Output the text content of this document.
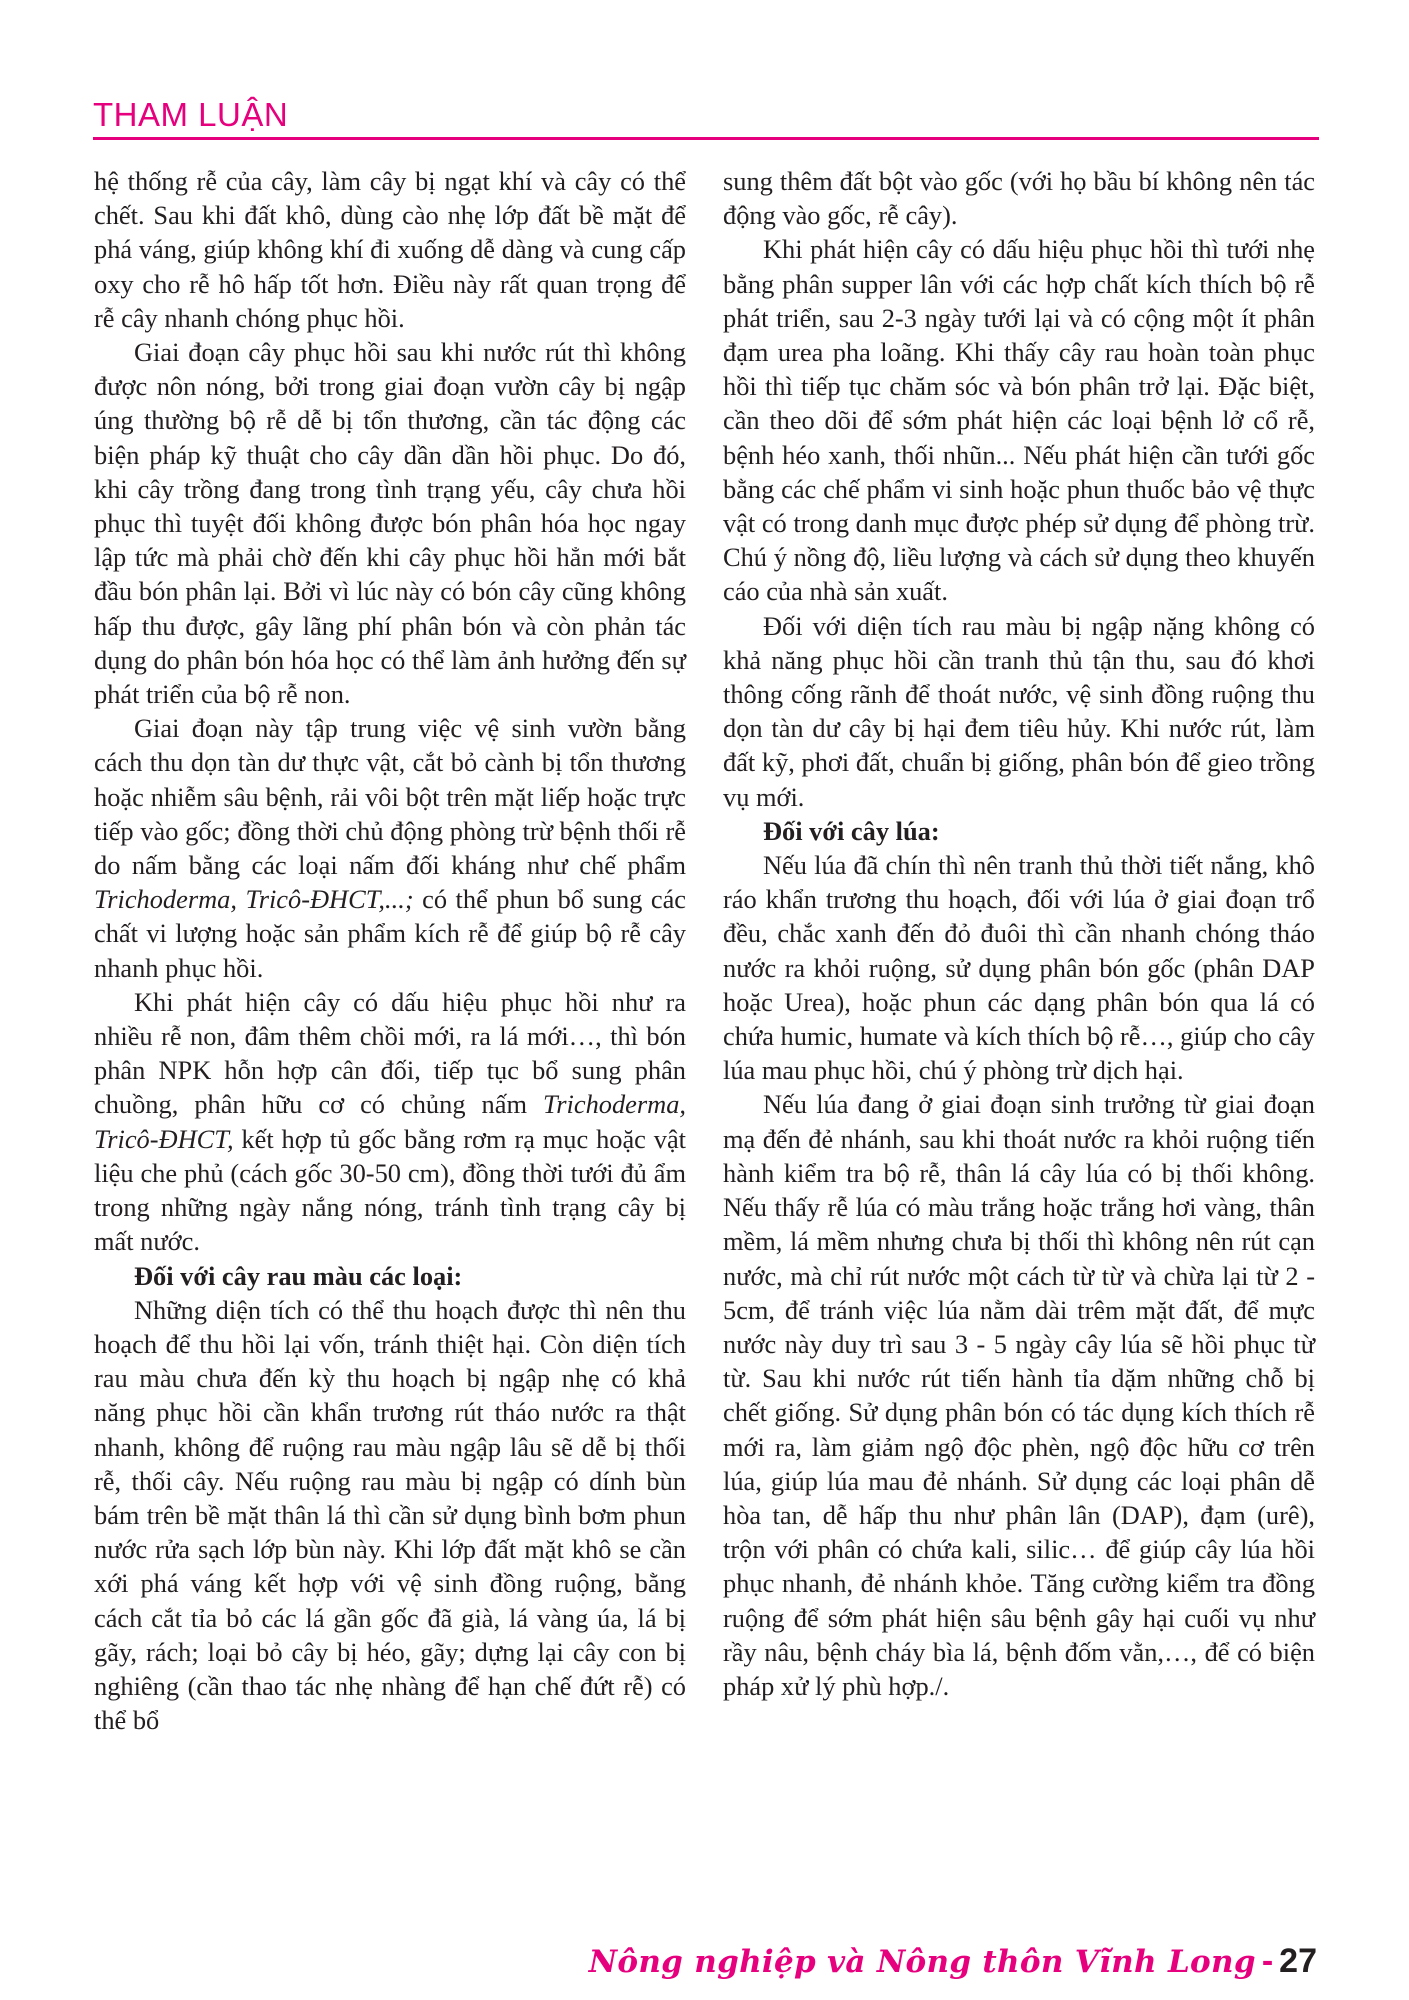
THAM LUẬN

hệ thống rễ của cây, làm cây bị ngạt khí và cây có thể chết. Sau khi đất khô, dùng cào nhẹ lớp đất bề mặt để phá váng, giúp không khí đi xuống dễ dàng và cung cấp oxy cho rễ hô hấp tốt hơn. Điều này rất quan trọng để rễ cây nhanh chóng phục hồi.

Giai đoạn cây phục hồi sau khi nước rút thì không được nôn nóng, bởi trong giai đoạn vườn cây bị ngập úng thường bộ rễ dễ bị tổn thương, cần tác động các biện pháp kỹ thuật cho cây dần dần hồi phục. Do đó, khi cây trồng đang trong tình trạng yếu, cây chưa hồi phục thì tuyệt đối không được bón phân hóa học ngay lập tức mà phải chờ đến khi cây phục hồi hẳn mới bắt đầu bón phân lại. Bởi vì lúc này có bón cây cũng không hấp thu được, gây lãng phí phân bón và còn phản tác dụng do phân bón hóa học có thể làm ảnh hưởng đến sự phát triển của bộ rễ non.

Giai đoạn này tập trung việc vệ sinh vườn bằng cách thu dọn tàn dư thực vật, cắt bỏ cành bị tổn thương hoặc nhiễm sâu bệnh, rải vôi bột trên mặt liếp hoặc trực tiếp vào gốc; đồng thời chủ động phòng trừ bệnh thối rễ do nấm bằng các loại nấm đối kháng như chế phẩm Trichoderma, Tricô-ĐHCT,...; có thể phun bổ sung các chất vi lượng hoặc sản phẩm kích rễ để giúp bộ rễ cây nhanh phục hồi.

Khi phát hiện cây có dấu hiệu phục hồi như ra nhiều rễ non, đâm thêm chồi mới, ra lá mới…, thì bón phân NPK hỗn hợp cân đối, tiếp tục bổ sung phân chuồng, phân hữu cơ có chủng nấm Trichoderma, Tricô-ĐHCT, kết hợp tủ gốc bằng rơm rạ mục hoặc vật liệu che phủ (cách gốc 30-50 cm), đồng thời tưới đủ ẩm trong những ngày nắng nóng, tránh tình trạng cây bị mất nước.

Đối với cây rau màu các loại:

Những diện tích có thể thu hoạch được thì nên thu hoạch để thu hồi lại vốn, tránh thiệt hại. Còn diện tích rau màu chưa đến kỳ thu hoạch bị ngập nhẹ có khả năng phục hồi cần khẩn trương rút tháo nước ra thật nhanh, không để ruộng rau màu ngập lâu sẽ dễ bị thối rễ, thối cây. Nếu ruộng rau màu bị ngập có dính bùn bám trên bề mặt thân lá thì cần sử dụng bình bơm phun nước rửa sạch lớp bùn này. Khi lớp đất mặt khô se cần xới phá váng kết hợp với vệ sinh đồng ruộng, bằng cách cắt tỉa bỏ các lá gần gốc đã già, lá vàng úa, lá bị gãy, rách; loại bỏ cây bị héo, gãy; dựng lại cây con bị nghiêng (cần thao tác nhẹ nhàng để hạn chế đứt rễ) có thể bổ

sung thêm đất bột vào gốc (với họ bầu bí không nên tác động vào gốc, rễ cây).

Khi phát hiện cây có dấu hiệu phục hồi thì tưới nhẹ bằng phân supper lân với các hợp chất kích thích bộ rễ phát triển, sau 2-3 ngày tưới lại và có cộng một ít phân đạm urea pha loãng. Khi thấy cây rau hoàn toàn phục hồi thì tiếp tục chăm sóc và bón phân trở lại. Đặc biệt, cần theo dõi để sớm phát hiện các loại bệnh lở cổ rễ, bệnh héo xanh, thối nhũn... Nếu phát hiện cần tưới gốc bằng các chế phẩm vi sinh hoặc phun thuốc bảo vệ thực vật có trong danh mục được phép sử dụng để phòng trừ. Chú ý nồng độ, liều lượng và cách sử dụng theo khuyến cáo của nhà sản xuất.

Đối với diện tích rau màu bị ngập nặng không có khả năng phục hồi cần tranh thủ tận thu, sau đó khơi thông cống rãnh để thoát nước, vệ sinh đồng ruộng thu dọn tàn dư cây bị hại đem tiêu hủy. Khi nước rút, làm đất kỹ, phơi đất, chuẩn bị giống, phân bón để gieo trồng vụ mới.

Đối với cây lúa:

Nếu lúa đã chín thì nên tranh thủ thời tiết nắng, khô ráo khẩn trương thu hoạch, đối với lúa ở giai đoạn trổ đều, chắc xanh đến đỏ đuôi thì cần nhanh chóng tháo nước ra khỏi ruộng, sử dụng phân bón gốc (phân DAP hoặc Urea), hoặc phun các dạng phân bón qua lá có chứa humic, humate và kích thích bộ rễ…, giúp cho cây lúa mau phục hồi, chú ý phòng trừ dịch hại.

Nếu lúa đang ở giai đoạn sinh trưởng từ giai đoạn mạ đến đẻ nhánh, sau khi thoát nước ra khỏi ruộng tiến hành kiểm tra bộ rễ, thân lá cây lúa có bị thối không. Nếu thấy rễ lúa có màu trắng hoặc trắng hơi vàng, thân mềm, lá mềm nhưng chưa bị thối thì không nên rút cạn nước, mà chỉ rút nước một cách từ từ và chừa lại từ 2 - 5cm, để tránh việc lúa nằm dài trêm mặt đất, để mực nước này duy trì sau 3 - 5 ngày cây lúa sẽ hồi phục từ từ. Sau khi nước rút tiến hành tỉa dặm những chỗ bị chết giống. Sử dụng phân bón có tác dụng kích thích rễ mới ra, làm giảm ngộ độc phèn, ngộ độc hữu cơ trên lúa, giúp lúa mau đẻ nhánh. Sử dụng các loại phân dễ hòa tan, dễ hấp thu như phân lân (DAP), đạm (urê), trộn với phân có chứa kali, silic… để giúp cây lúa hồi phục nhanh, đẻ nhánh khỏe. Tăng cường kiểm tra đồng ruộng để sớm phát hiện sâu bệnh gây hại cuối vụ như rầy nâu, bệnh cháy bìa lá, bệnh đốm vằn,…, để có biện pháp xử lý phù hợp./.

Nông nghiệp và Nông thôn Vĩnh Long - 27
